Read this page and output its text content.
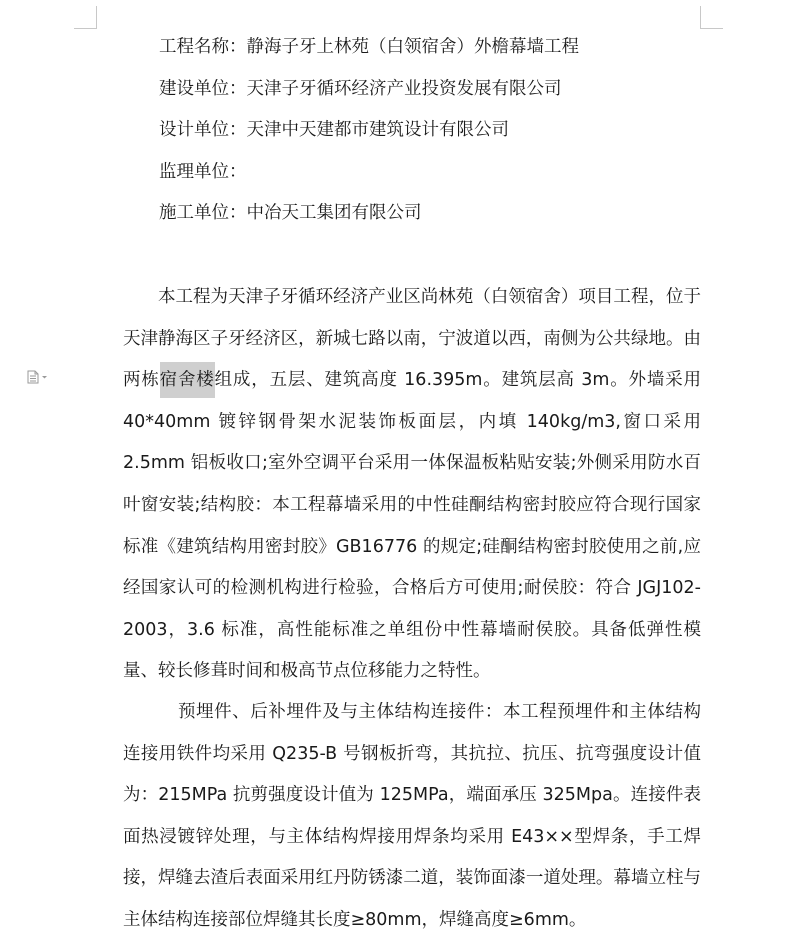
工程名称：静海子牙上林苑（白领宿舍）外檐幕墙工程
建设单位：天津子牙循环经济产业投资发展有限公司
设计单位：天津中天建都市建筑设计有限公司
监理单位：
施工单位：中冶天工集团有限公司

本工程为天津子牙循环经济产业区尚林苑（白领宿舍）项目工程，位于天津静海区子牙经济区，新城七路以南，宁波道以西，南侧为公共绿地。由两栋宿舍楼组成，五层、建筑高度 16.395m。建筑层高 3m。外墙采用 40*40mm 镀锌钢骨架水泥装饰板面层，内填 140kg/m3,窗口采用 2.5mm 铝板收口;室外空调平台采用一体保温板粘贴安装;外侧采用防水百叶窗安装;结构胶：本工程幕墙采用的中性硅酮结构密封胶应符合现行国家标准《建筑结构用密封胶》GB16776 的规定;硅酮结构密封胶使用之前,应经国家认可的检测机构进行检验，合格后方可使用;耐侯胶：符合 JGJ102-2003，3.6 标准，高性能标准之单组份中性幕墙耐侯胶。具备低弹性模量、较长修葺时间和极高节点位移能力之特性。

预埋件、后补埋件及与主体结构连接件：本工程预埋件和主体结构连接用铁件均采用 Q235-B 号钢板折弯，其抗拉、抗压、抗弯强度设计值为：215MPa 抗剪强度设计值为 125MPa，端面承压 325Mpa。连接件表面热浸镀锌处理，与主体结构焊接用焊条均采用 E43××型焊条，手工焊接，焊缝去渣后表面采用红丹防锈漆二道，装饰面漆一道处理。幕墙立柱与主体结构连接部位焊缝其长度≥80mm，焊缝高度≥6mm。
